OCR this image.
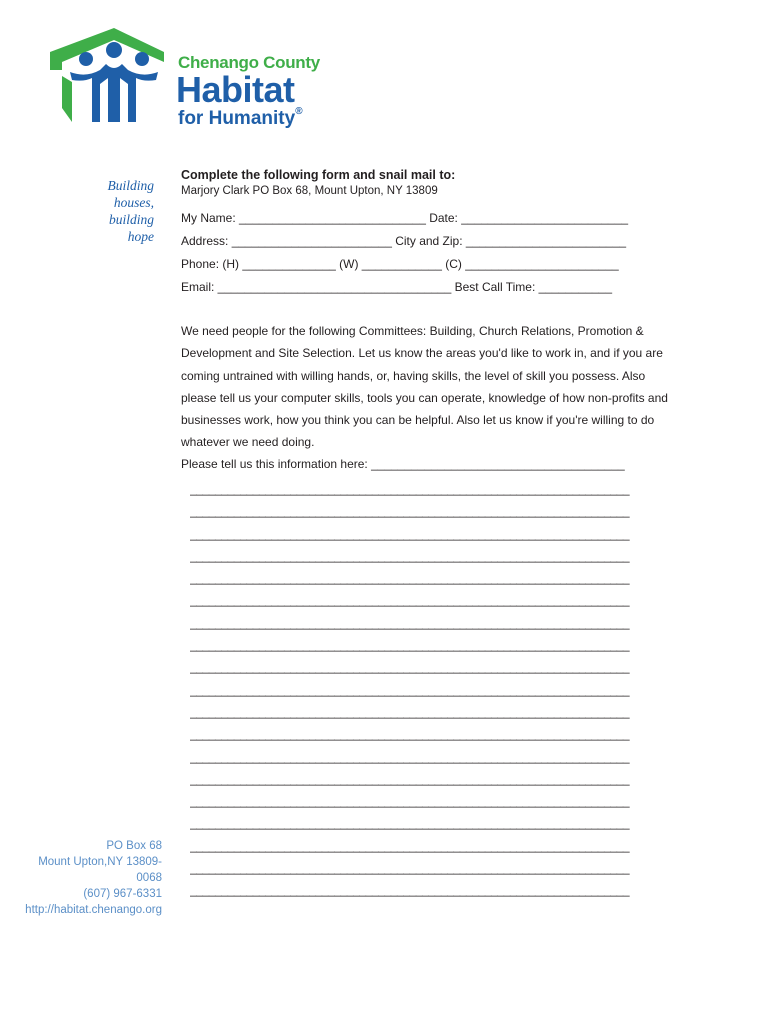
Chenango County
Habitat
for Humanity®
Building
houses,
building
hope
Complete the following form and snail mail to:
Marjory Clark PO Box 68, Mount Upton, NY 13809
My Name: ____________________________ Date: _________________________
Address: ________________________ City and Zip: ________________________
Phone: (H) ______________ (W) ____________ (C) _______________________
Email: ___________________________________ Best Call Time: ___________
We need people for the following Committees: Building, Church Relations, Promotion & Development and Site Selection. Let us know the areas you'd like to work in, and if you are coming untrained with willing hands, or, having skills, the level of skill you possess. Also please tell us your computer skills, tools you can operate, knowledge of how non-profits and businesses work, how you think you can be helpful. Also let us know if you're willing to do whatever we need doing.
Please tell us this information here: ______________________________________
______________________________________________________________________
______________________________________________________________________
______________________________________________________________________
______________________________________________________________________
______________________________________________________________________
______________________________________________________________________
______________________________________________________________________
______________________________________________________________________
______________________________________________________________________
______________________________________________________________________
______________________________________________________________________
______________________________________________________________________
______________________________________________________________________
______________________________________________________________________
______________________________________________________________________
______________________________________________________________________
______________________________________________________________________
______________________________________________________________________
______________________________________________________________________
PO Box 68
Mount Upton,NY 13809-0068
(607) 967-6331
http://habitat.chenango.org
